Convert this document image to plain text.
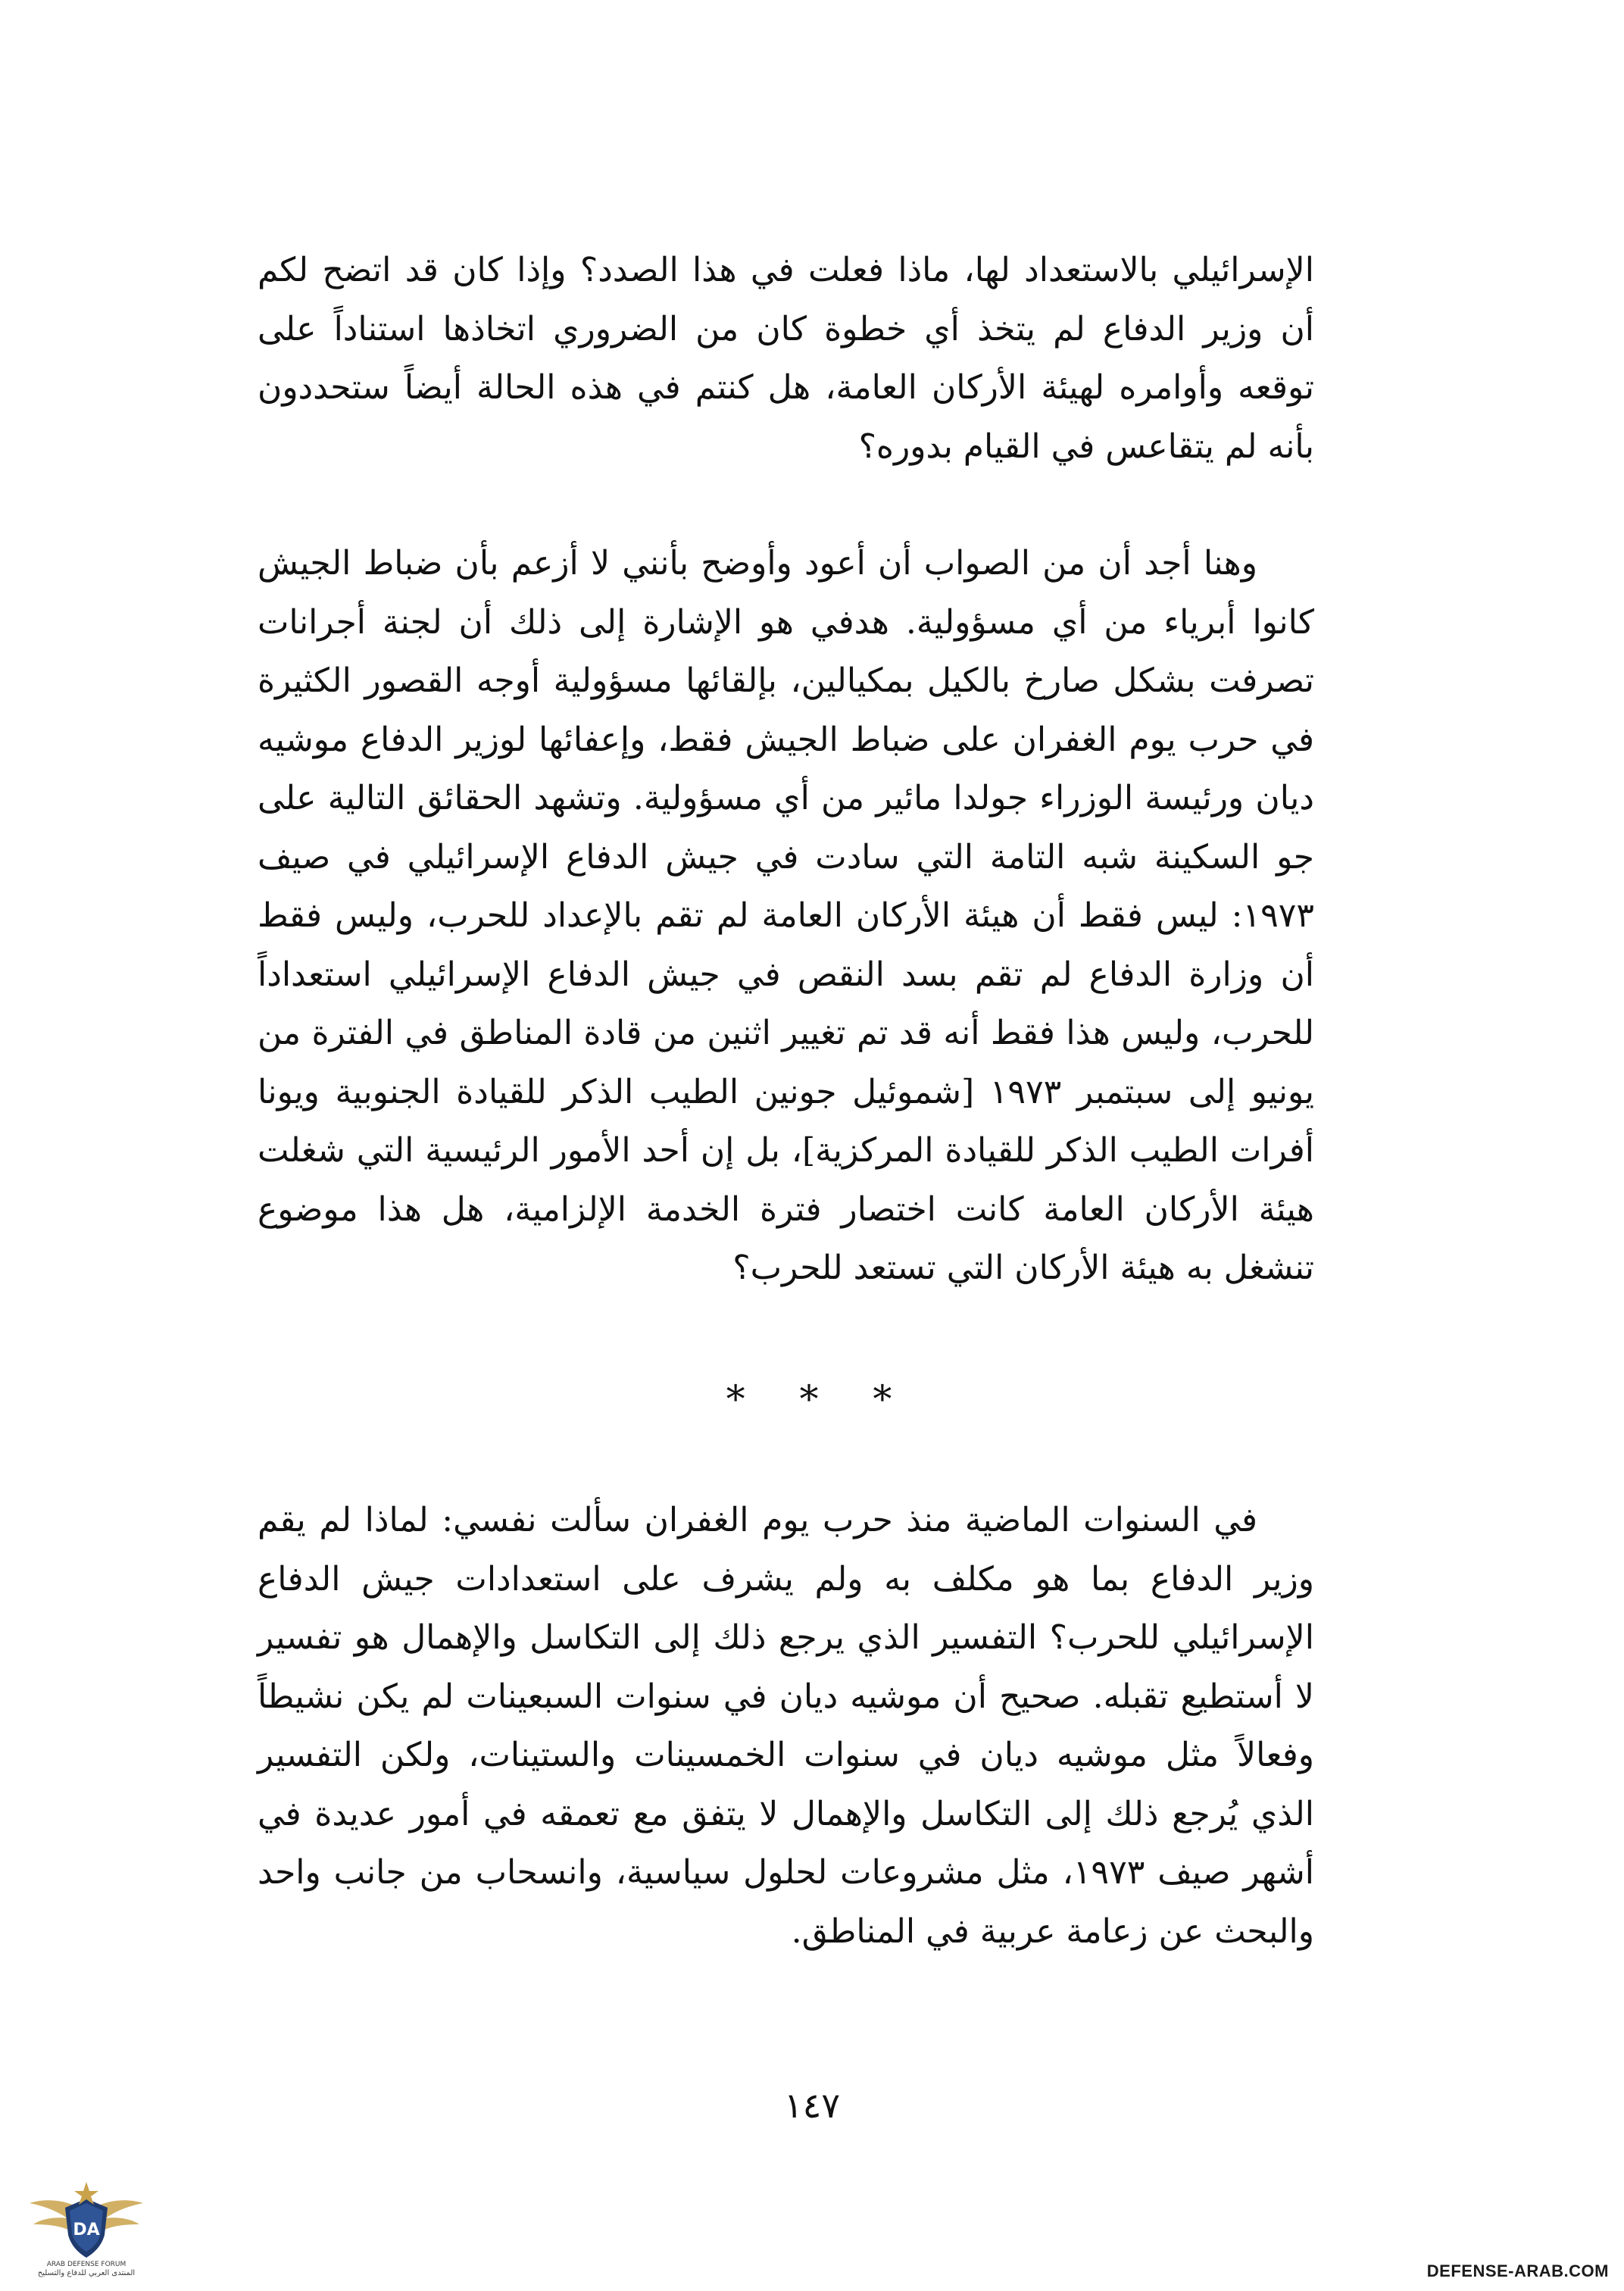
الإسرائيلي بالاستعداد لها، ماذا فعلت في هذا الصدد؟ وإذا كان قد اتضح لكم أن وزير الدفاع لم يتخذ أي خطوة كان من الضروري اتخاذها استناداً على توقعه وأوامره لهيئة الأركان العامة، هل كنتم في هذه الحالة أيضاً ستحددون بأنه لم يتقاعس في القيام بدوره؟

وهنا أجد أن من الصواب أن أعود وأوضح بأنني لا أزعم بأن ضباط الجيش كانوا أبرياء من أي مسؤولية. هدفي هو الإشارة إلى ذلك أن لجنة أجرانات تصرفت بشكل صارخ بالكيل بمكيالين، بإلقائها مسؤولية أوجه القصور الكثيرة في حرب يوم الغفران على ضباط الجيش فقط، وإعفائها لوزير الدفاع موشيه ديان ورئيسة الوزراء جولدا مائير من أي مسؤولية. وتشهد الحقائق التالية على جو السكينة شبه التامة التي سادت في جيش الدفاع الإسرائيلي في صيف ١٩٧٣: ليس فقط أن هيئة الأركان العامة لم تقم بالإعداد للحرب، وليس فقط أن وزارة الدفاع لم تقم بسد النقص في جيش الدفاع الإسرائيلي استعداداً للحرب، وليس هذا فقط أنه قد تم تغيير اثنين من قادة المناطق في الفترة من يونيو إلى سبتمبر ١٩٧٣ [شموئيل جونين الطيب الذكر للقيادة الجنوبية ويونا أفرات الطيب الذكر للقيادة المركزية]، بل إن أحد الأمور الرئيسية التي شغلت هيئة الأركان العامة كانت اختصار فترة الخدمة الإلزامية، هل هذا موضوع تنشغل به هيئة الأركان التي تستعد للحرب؟

* * *

في السنوات الماضية منذ حرب يوم الغفران سألت نفسي: لماذا لم يقم وزير الدفاع بما هو مكلف به ولم يشرف على استعدادات جيش الدفاع الإسرائيلي للحرب؟ التفسير الذي يرجع ذلك إلى التكاسل والإهمال هو تفسير لا أستطيع تقبله. صحيح أن موشيه ديان في سنوات السبعينات لم يكن نشيطاً وفعالاً مثل موشيه ديان في سنوات الخمسينات والستينات، ولكن التفسير الذي يُرجع ذلك إلى التكاسل والإهمال لا يتفق مع تعمقه في أمور عديدة في أشهر صيف ١٩٧٣، مثل مشروعات لحلول سياسية، وانسحاب من جانب واحد والبحث عن زعامة عربية في المناطق.

١٤٧
DA
ARAB DEFENSE FORUM
المنتدى العربي للدفاع والتسليح	DEFENSE-ARAB.COM
